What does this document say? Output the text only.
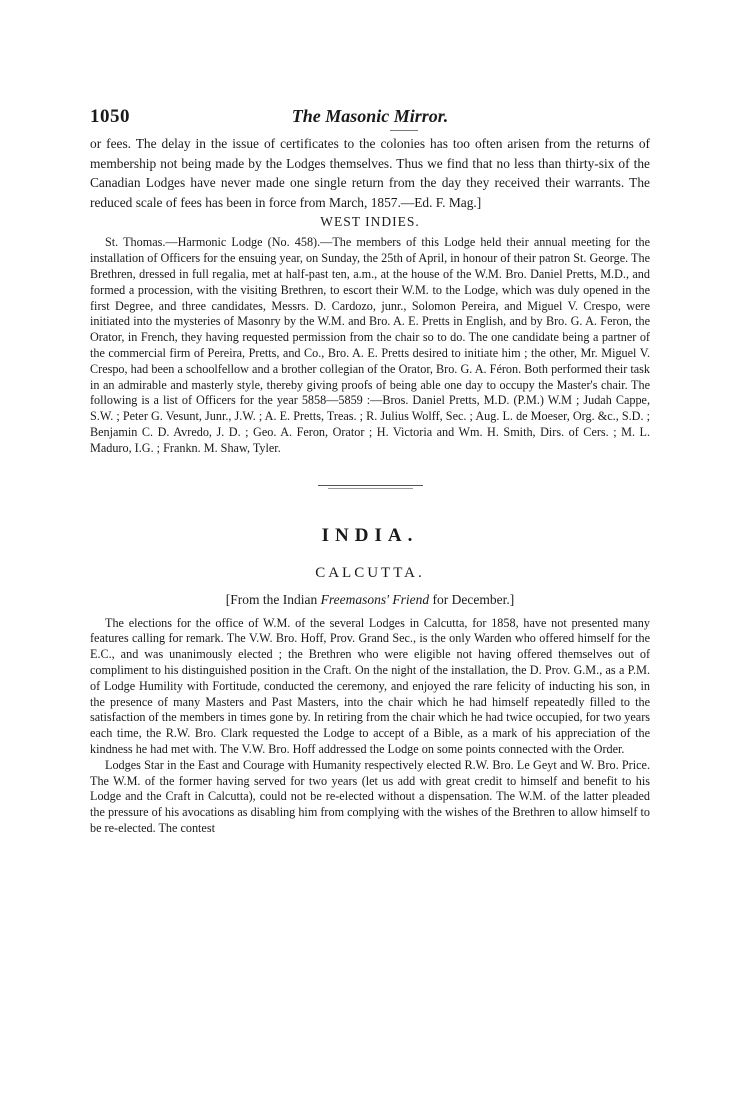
1050	The Masonic Mirror.

or fees. The delay in the issue of certificates to the colonies has too often arisen from the returns of membership not being made by the Lodges themselves. Thus we find that no less than thirty-six of the Canadian Lodges have never made one single return from the day they received their warrants. The reduced scale of fees has been in force from March, 1857.—Ed. F. Mag.]

WEST INDIES.

St. Thomas.—Harmonic Lodge (No. 458).—The members of this Lodge held their annual meeting for the installation of Officers for the ensuing year, on Sunday, the 25th of April, in honour of their patron St. George. The Brethren, dressed in full regalia, met at half-past ten, a.m., at the house of the W.M. Bro. Daniel Pretts, M.D., and formed a procession, with the visiting Brethren, to escort their W.M. to the Lodge, which was duly opened in the first Degree, and three candidates, Messrs. D. Cardozo, junr., Solomon Pereira, and Miguel V. Crespo, were initiated into the mysteries of Masonry by the W.M. and Bro. A. E. Pretts in English, and by Bro. G. A. Feron, the Orator, in French, they having requested permission from the chair so to do. The one candidate being a partner of the commercial firm of Pereira, Pretts, and Co., Bro. A. E. Pretts desired to initiate him ; the other, Mr. Miguel V. Crespo, had been a schoolfellow and a brother collegian of the Orator, Bro. G. A. Féron. Both performed their task in an admirable and masterly style, thereby giving proofs of being able one day to occupy the Master's chair. The following is a list of Officers for the year 5858—5859 :—Bros. Daniel Pretts, M.D. (P.M.) W.M ; Judah Cappe, S.W. ; Peter G. Vesunt, Junr., J.W. ; A. E. Pretts, Treas. ; R. Julius Wolff, Sec. ; Aug. L. de Moeser, Org. &c., S.D. ; Benjamin C. D. Avredo, J. D. ; Geo. A. Feron, Orator ; H. Victoria and Wm. H. Smith, Dirs. of Cers. ; M. L. Maduro, I.G. ; Frankn. M. Shaw, Tyler.

INDIA.
CALCUTTA.
[From the Indian Freemasons' Friend for December.]

The elections for the office of W.M. of the several Lodges in Calcutta, for 1858, have not presented many features calling for remark. The V.W. Bro. Hoff, Prov. Grand Sec., is the only Warden who offered himself for the E.C., and was unanimously elected ; the Brethren who were eligible not having offered themselves out of compliment to his distinguished position in the Craft. On the night of the installation, the D. Prov. G.M., as a P.M. of Lodge Humility with Fortitude, conducted the ceremony, and enjoyed the rare felicity of inducting his son, in the presence of many Masters and Past Masters, into the chair which he had himself repeatedly filled to the satisfaction of the members in times gone by. In retiring from the chair which he had twice occupied, for two years each time, the R.W. Bro. Clark requested the Lodge to accept of a Bible, as a mark of his appreciation of the kindness he had met with. The V.W. Bro. Hoff addressed the Lodge on some points connected with the Order.

Lodges Star in the East and Courage with Humanity respectively elected R.W. Bro. Le Geyt and W. Bro. Price. The W.M. of the former having served for two years (let us add with great credit to himself and benefit to his Lodge and the Craft in Calcutta), could not be re-elected without a dispensation. The W.M. of the latter pleaded the pressure of his avocations as disabling him from complying with the wishes of the Brethren to allow himself to be re-elected. The contest
